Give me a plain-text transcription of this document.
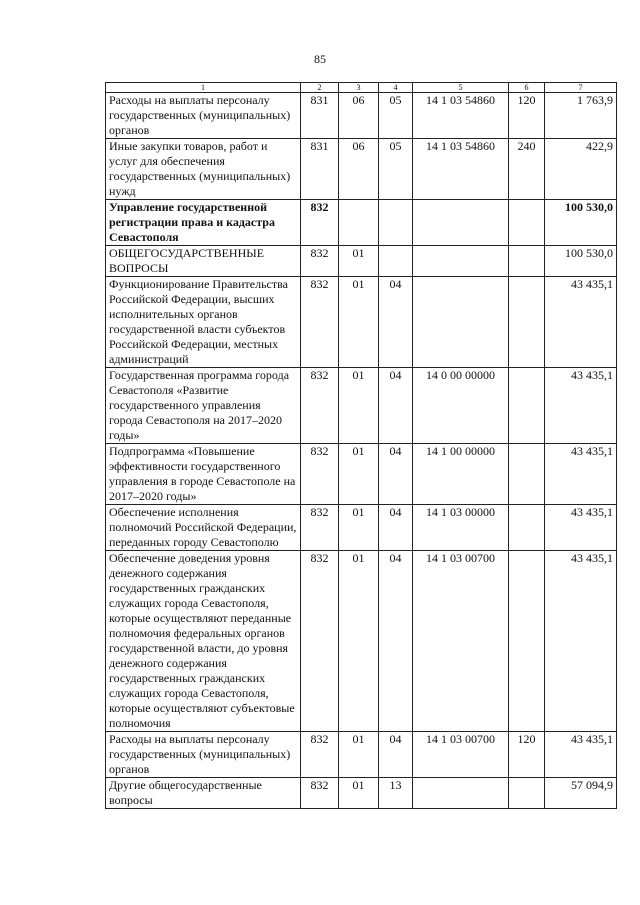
85
1	2	3	4	5	6	7
Расходы на выплаты персоналу государственных (муниципальных) органов	831	06	05	14 1 03 54860	120	1 763,9
Иные закупки товаров, работ и услуг для обеспечения государственных (муниципальных) нужд	831	06	05	14 1 03 54860	240	422,9
Управление государственной регистрации права и кадастра Севастополя	832					100 530,0
ОБЩЕГОСУДАРСТВЕННЫЕ ВОПРОСЫ	832	01				100 530,0
Функционирование Правительства Российской Федерации, высших исполнительных органов государственной власти субъектов Российской Федерации, местных администраций	832	01	04			43 435,1
Государственная программа города Севастополя «Развитие государственного управления города Севастополя на 2017–2020 годы»	832	01	04	14 0 00 00000		43 435,1
Подпрограмма «Повышение эффективности государственного управления в городе Севастополе на 2017–2020 годы»	832	01	04	14 1 00 00000		43 435,1
Обеспечение исполнения полномочий Российской Федерации, переданных городу Севастополю	832	01	04	14 1 03 00000		43 435,1
Обеспечение доведения уровня денежного содержания государственных гражданских служащих города Севастополя, которые осуществляют переданные полномочия федеральных органов государственной власти, до уровня денежного содержания государственных гражданских служащих города Севастополя, которые осуществляют субъектовые полномочия	832	01	04	14 1 03 00700		43 435,1
Расходы на выплаты персоналу государственных (муниципальных) органов	832	01	04	14 1 03 00700	120	43 435,1
Другие общегосударственные вопросы	832	01	13			57 094,9
